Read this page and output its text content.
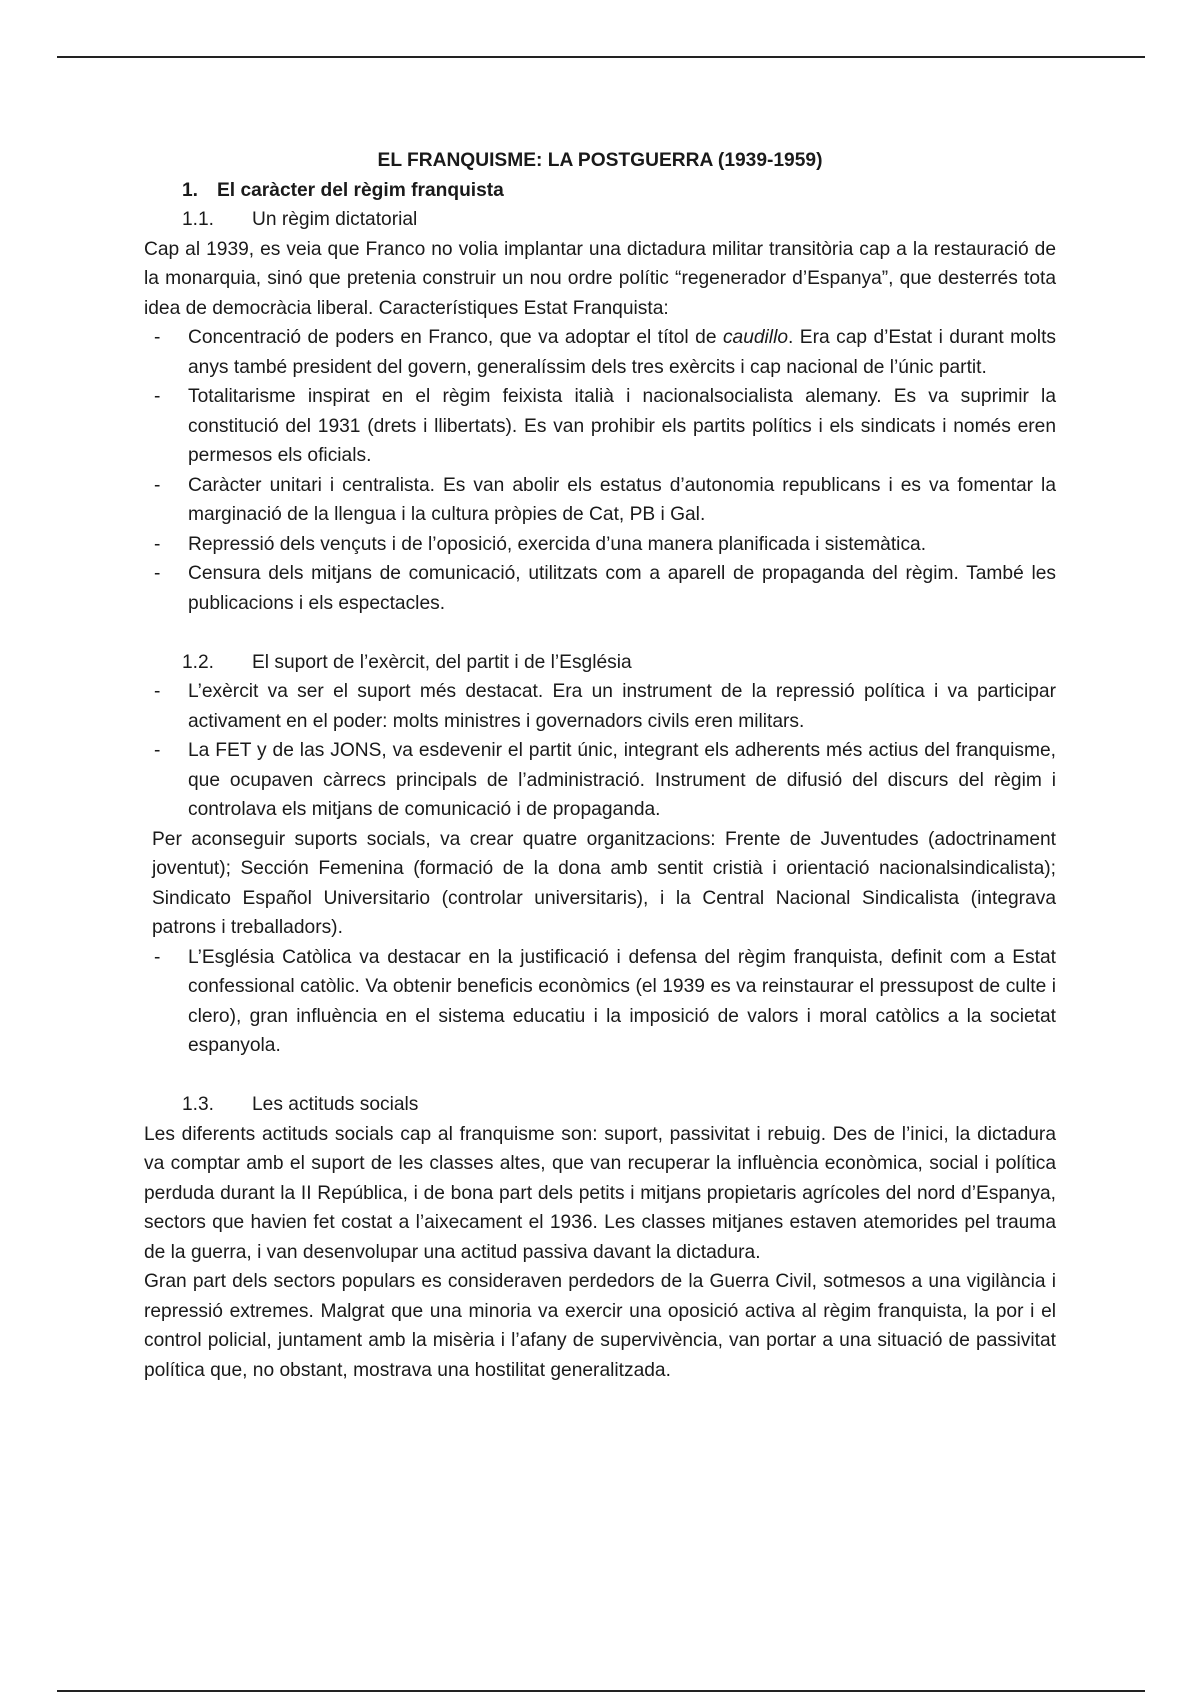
EL FRANQUISME: LA POSTGUERRA (1939-1959)

1. El caràcter del règim franquista
1.1.	Un règim dictatorial

Cap al 1939, es veia que Franco no volia implantar una dictadura militar transitòria cap a la restauració de la monarquia, sinó que pretenia construir un nou ordre polític “regenerador d’Espanya”, que desterrés tota idea de democràcia liberal. Característiques Estat Franquista:

- Concentració de poders en Franco, que va adoptar el títol de caudillo. Era cap d’Estat i durant molts anys també president del govern, generalíssim dels tres exèrcits i cap nacional de l’únic partit.
- Totalitarisme inspirat en el règim feixista italià i nacionalsocialista alemany. Es va suprimir la constitució del 1931 (drets i llibertats). Es van prohibir els partits polítics i els sindicats i només eren permesos els oficials.
- Caràcter unitari i centralista. Es van abolir els estatus d’autonomia republicans i es va fomentar la marginació de la llengua i la cultura pròpies de Cat, PB i Gal.
- Repressió dels vençuts i de l’oposició, exercida d’una manera planificada i sistemàtica.
- Censura dels mitjans de comunicació, utilitzats com a aparell de propaganda del règim. També les publicacions i els espectacles.
1.2.	El suport de l’exèrcit, del partit i de l’Església
- L’exèrcit va ser el suport més destacat. Era un instrument de la repressió política i va participar activament en el poder: molts ministres i governadors civils eren militars.
- La FET y de las JONS, va esdevenir el partit únic, integrant els adherents més actius del franquisme, que ocupaven càrrecs principals de l’administració. Instrument de difusió del discurs del règim i controlava els mitjans de comunicació i de propaganda.

Per aconseguir suports socials, va crear quatre organitzacions: Frente de Juventudes (adoctrinament joventut); Sección Femenina (formació de la dona amb sentit cristià i orientació nacionalsindicalista); Sindicato Español Universitario (controlar universitaris), i la Central Nacional Sindicalista (integrava patrons i treballadors).

- L’Església Catòlica va destacar en la justificació i defensa del règim franquista, definit com a Estat confessional catòlic. Va obtenir beneficis econòmics (el 1939 es va reinstaurar el pressupost de culte i clero), gran influència en el sistema educatiu i la imposició de valors i moral catòlics a la societat espanyola.
1.3.	Les actituds socials

Les diferents actituds socials cap al franquisme son: suport, passivitat i rebuig. Des de l’inici, la dictadura va comptar amb el suport de les classes altes, que van recuperar la influència econòmica, social i política perduda durant la II República, i de bona part dels petits i mitjans propietaris agrícoles del nord d’Espanya, sectors que havien fet costat a l’aixecament el 1936. Les classes mitjanes estaven atemorides pel trauma de la guerra, i van desenvolupar una actitud passiva davant la dictadura.

Gran part dels sectors populars es consideraven perdedors de la Guerra Civil, sotmesos a una vigilància i repressió extremes. Malgrat que una minoria va exercir una oposició activa al règim franquista, la por i el control policial, juntament amb la misèria i l’afany de supervivència, van portar a una situació de passivitat política que, no obstant, mostrava una hostilitat generalitzada.
